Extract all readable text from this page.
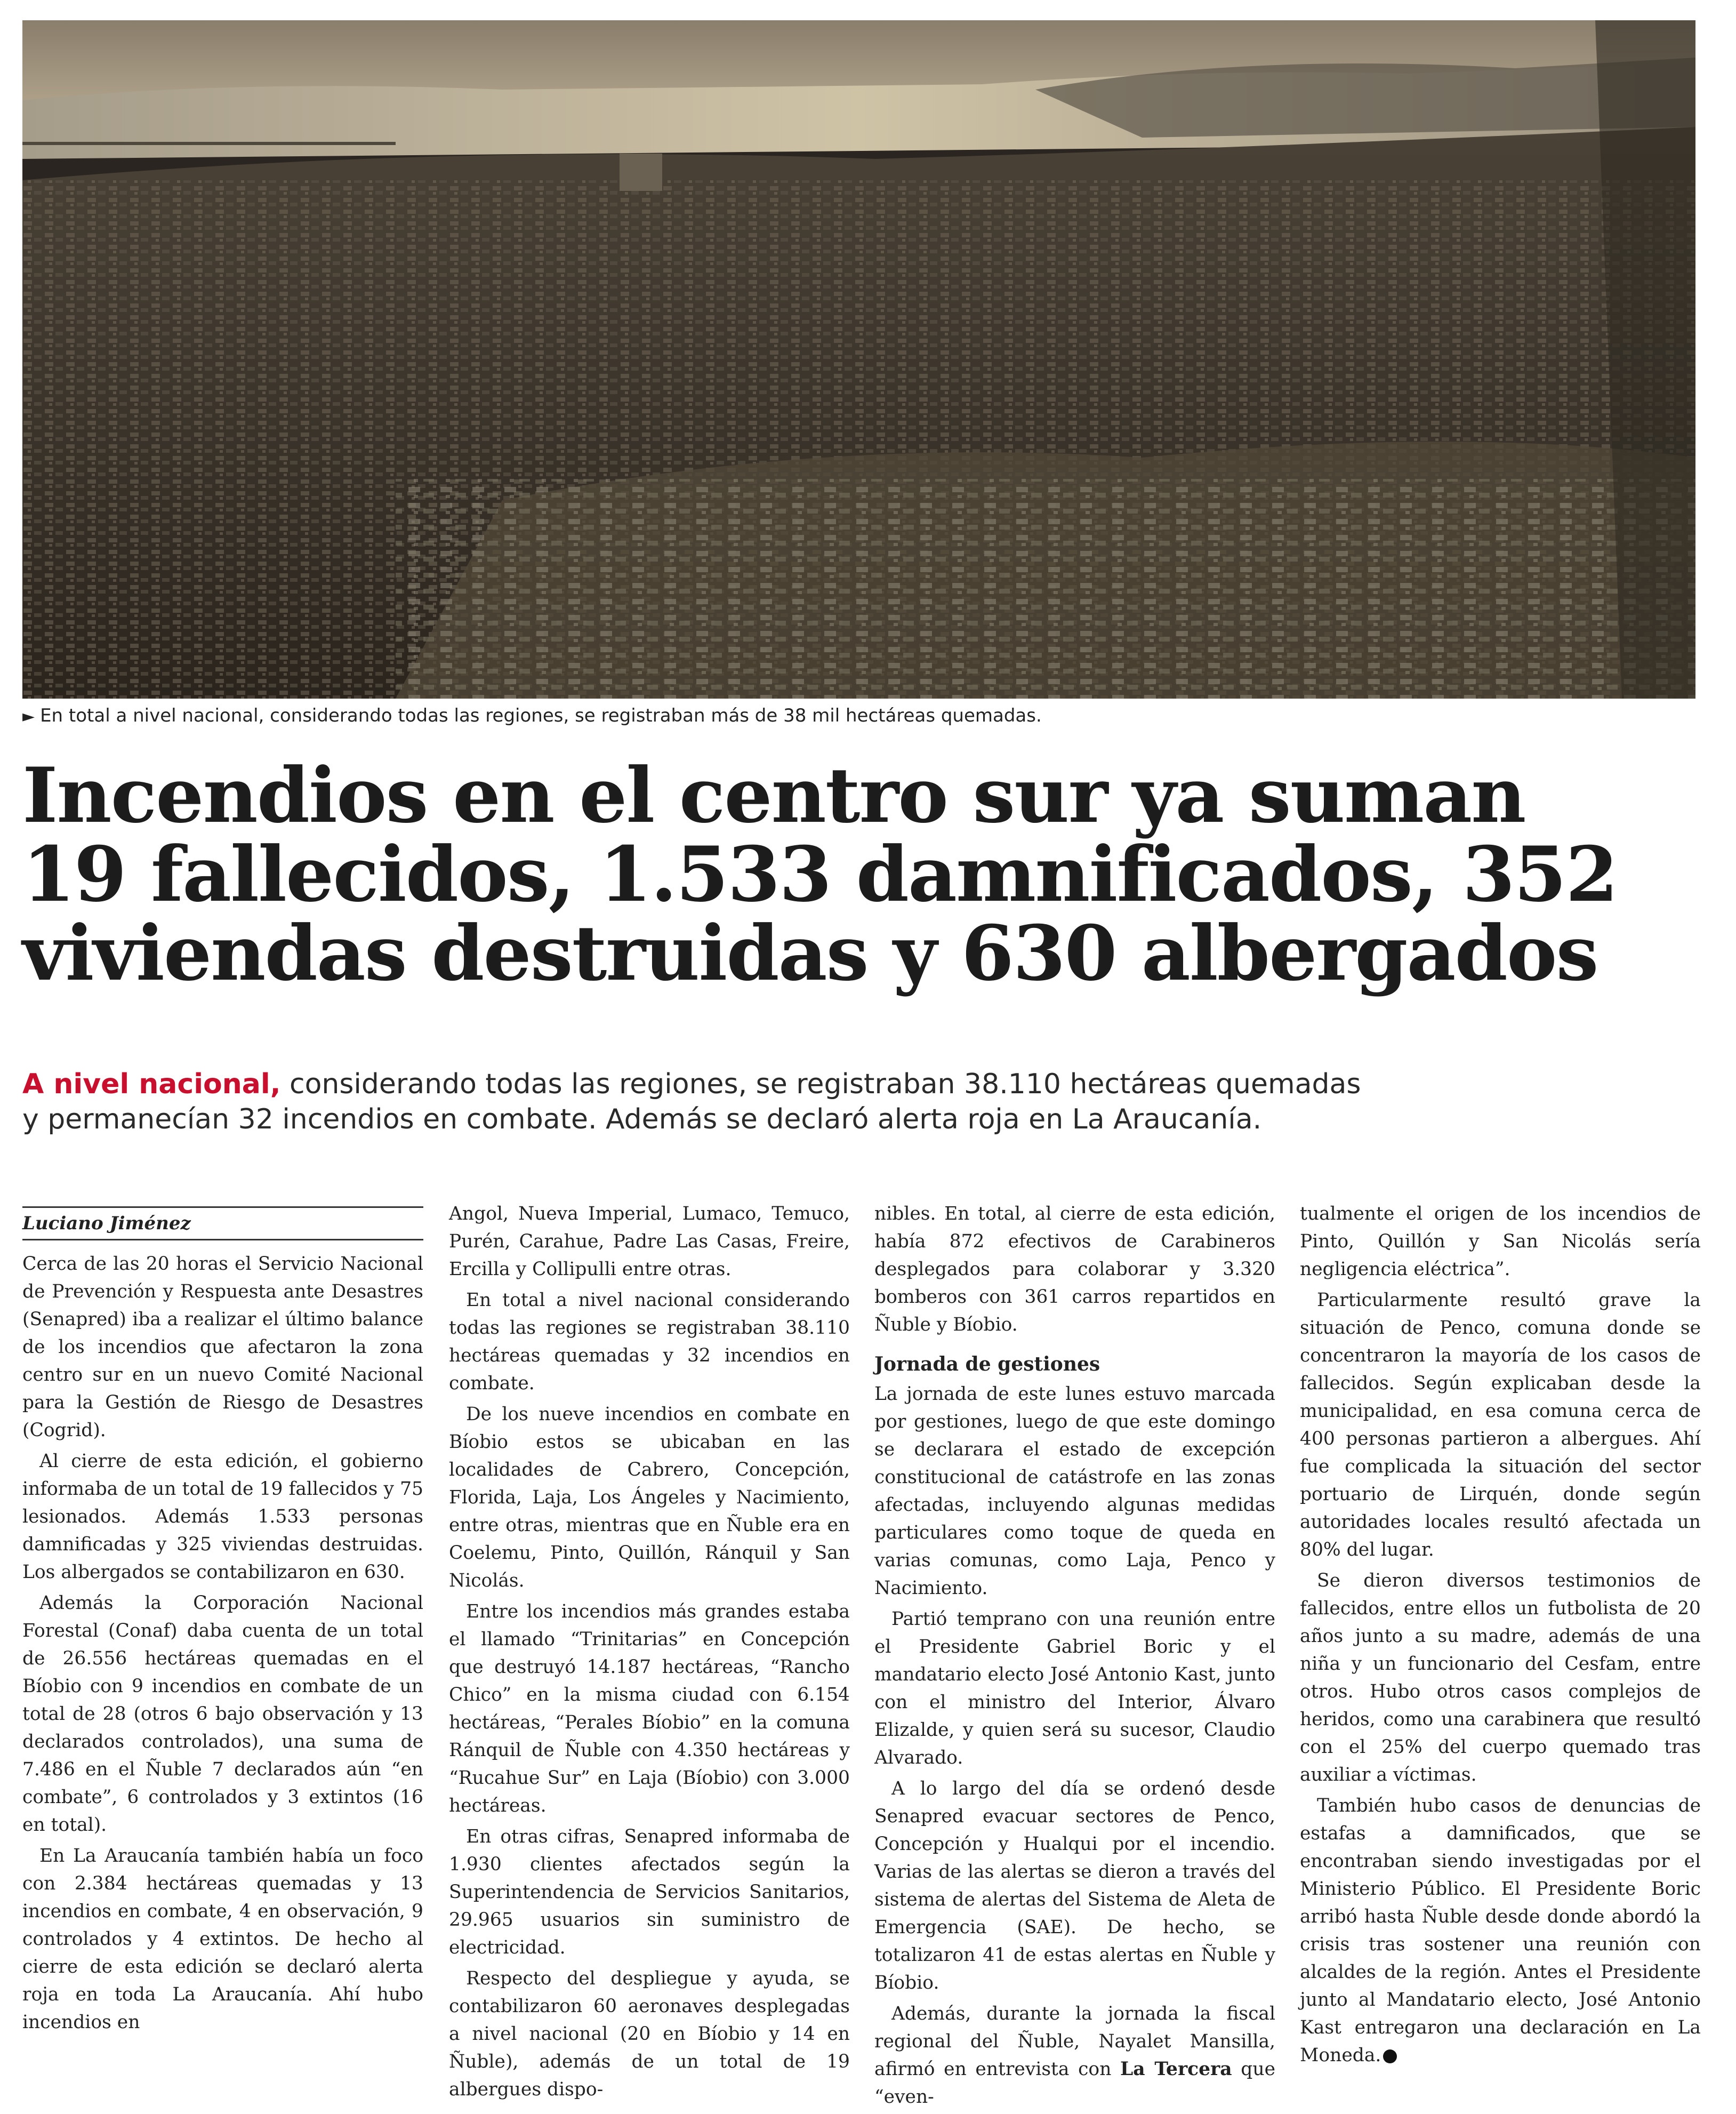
► En total a nivel nacional, considerando todas las regiones, se registraban más de 38 mil hectáreas quemadas.
Incendios en el centro sur ya suman
19 fallecidos, 1.533 damnificados, 352
viviendas destruidas y 630 albergados
A nivel nacional, considerando todas las regiones, se registraban 38.110 hectáreas quemadas
y permanecían 32 incendios en combate. Además se declaró alerta roja en La Araucanía.
Luciano Jiménez

Cerca de las 20 horas el Servicio Nacional de Prevención y Respuesta ante Desastres (Senapred) iba a realizar el último balance de los incendios que afectaron la zona centro sur en un nuevo Comité Nacional para la Gestión de Riesgo de Desastres (Cogrid).

Al cierre de esta edición, el gobierno informaba de un total de 19 fallecidos y 75 lesionados. Además 1.533 personas damnificadas y 325 viviendas destruidas. Los albergados se contabilizaron en 630.

Además la Corporación Nacional Forestal (Conaf) daba cuenta de un total de 26.556 hectáreas quemadas en el Bíobio con 9 incendios en combate de un total de 28 (otros 6 bajo observación y 13 declarados controlados), una suma de 7.486 en el Ñuble 7 declarados aún “en combate”, 6 controlados y 3 extintos (16 en total).

En La Araucanía también había un foco con 2.384 hectáreas quemadas y 13 incendios en combate, 4 en observación, 9 controlados y 4 extintos. De hecho al cierre de esta edición se declaró alerta roja en toda La Araucanía. Ahí hubo incendios en

Angol, Nueva Imperial, Lumaco, Temuco, Purén, Carahue, Padre Las Casas, Freire, Ercilla y Collipulli entre otras.

En total a nivel nacional considerando todas las regiones se registraban 38.110 hectáreas quemadas y 32 incendios en combate.

De los nueve incendios en combate en Bíobio estos se ubicaban en las localidades de Cabrero, Concepción, Florida, Laja, Los Ángeles y Nacimiento, entre otras, mientras que en Ñuble era en Coelemu, Pinto, Quillón, Ránquil y San Nicolás.

Entre los incendios más grandes estaba el llamado “Trinitarias” en Concepción que destruyó 14.187 hectáreas, “Rancho Chico” en la misma ciudad con 6.154 hectáreas, “Perales Bíobio” en la comuna Ránquil de Ñuble con 4.350 hectáreas y “Rucahue Sur” en Laja (Bíobio) con 3.000 hectáreas.

En otras cifras, Senapred informaba de 1.930 clientes afectados según la Superintendencia de Servicios Sanitarios, 29.965 usuarios sin suministro de electricidad.

Respecto del despliegue y ayuda, se contabilizaron 60 aeronaves desplegadas a nivel nacional (20 en Bíobio y 14 en Ñuble), además de un total de 19 albergues dispo-

nibles. En total, al cierre de esta edición, había 872 efectivos de Carabineros desplegados para colaborar y 3.320 bomberos con 361 carros repartidos en Ñuble y Bíobio.

Jornada de gestiones

La jornada de este lunes estuvo marcada por gestiones, luego de que este domingo se declarara el estado de excepción constitucional de catástrofe en las zonas afectadas, incluyendo algunas medidas particulares como toque de queda en varias comunas, como Laja, Penco y Nacimiento.

Partió temprano con una reunión entre el Presidente Gabriel Boric y el mandatario electo José Antonio Kast, junto con el ministro del Interior, Álvaro Elizalde, y quien será su sucesor, Claudio Alvarado.

A lo largo del día se ordenó desde Senapred evacuar sectores de Penco, Concepción y Hualqui por el incendio. Varias de las alertas se dieron a través del sistema de alertas del Sistema de Aleta de Emergencia (SAE). De hecho, se totalizaron 41 de estas alertas en Ñuble y Bíobio.

Además, durante la jornada la fiscal regional del Ñuble, Nayalet Mansilla, afirmó en entrevista con La Tercera que “even-

tualmente el origen de los incendios de Pinto, Quillón y San Nicolás sería negligencia eléctrica”.

Particularmente resultó grave la situación de Penco, comuna donde se concentraron la mayoría de los casos de fallecidos. Según explicaban desde la municipalidad, en esa comuna cerca de 400 personas partieron a albergues. Ahí fue complicada la situación del sector portuario de Lirquén, donde según autoridades locales resultó afectada un 80% del lugar.

Se dieron diversos testimonios de fallecidos, entre ellos un futbolista de 20 años junto a su madre, además de una niña y un funcionario del Cesfam, entre otros. Hubo otros casos complejos de heridos, como una carabinera que resultó con el 25% del cuerpo quemado tras auxiliar a víctimas.

También hubo casos de denuncias de estafas a damnificados, que se encontraban siendo investigadas por el Ministerio Público. El Presidente Boric arribó hasta Ñuble desde donde abordó la crisis tras sostener una reunión con alcaldes de la región. Antes el Presidente junto al Mandatario electo, José Antonio Kast entregaron una declaración en La Moneda.
